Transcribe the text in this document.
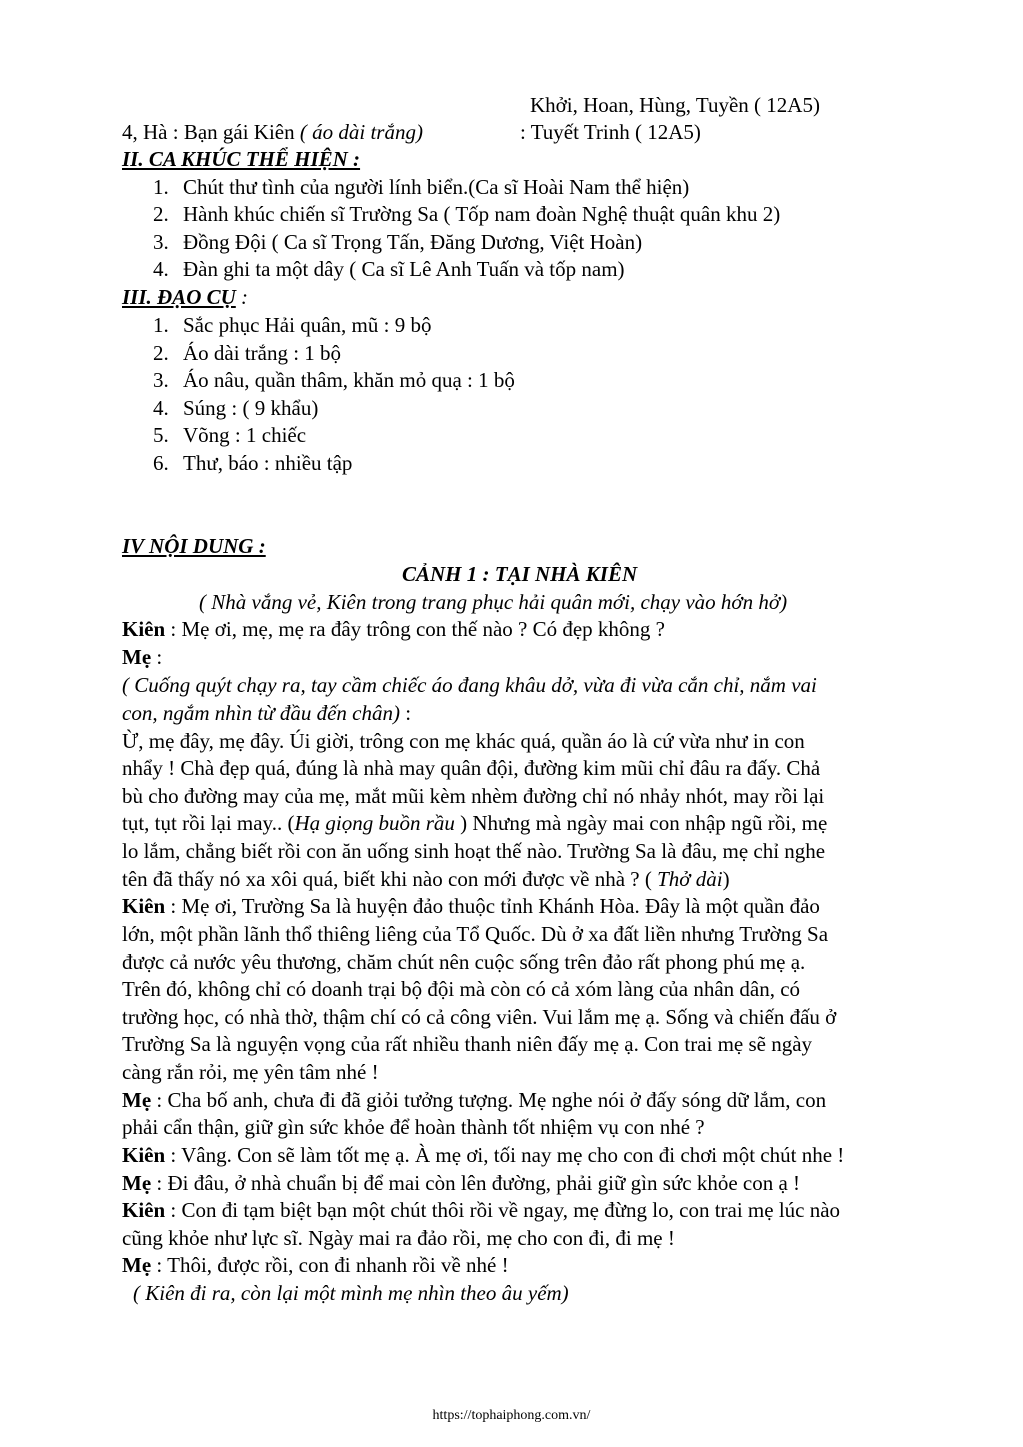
Khởi, Hoan, Hùng, Tuyền ( 12A5)
4, Hà : Bạn gái Kiên ( áo dài trắng)	: Tuyết Trinh ( 12A5)
II. CA KHÚC THỂ HIỆN :
1. Chút thư tình của người lính biển.(Ca sĩ Hoài Nam thể hiện)
2. Hành khúc chiến sĩ Trường Sa ( Tốp nam đoàn Nghệ thuật quân khu 2)
3. Đồng Đội ( Ca sĩ Trọng Tấn, Đăng Dương, Việt Hoàn)
4. Đàn ghi ta một dây ( Ca sĩ Lê Anh Tuấn và tốp nam)
III. ĐẠO CỤ :
1. Sắc phục Hải quân, mũ : 9 bộ
2. Áo dài trắng : 1 bộ
3. Áo nâu, quần thâm, khăn mỏ quạ : 1 bộ
4. Súng : ( 9 khẩu)
5. Võng : 1 chiếc
6. Thư, báo : nhiều tập
IV NỘI DUNG :
CẢNH 1 : TẠI NHÀ KIÊN
( Nhà vắng vẻ, Kiên trong trang phục hải quân mới, chạy vào hớn hở)
Kiên : Mẹ ơi, mẹ, mẹ ra đây trông con thế nào ? Có đẹp không ?
Mẹ :
( Cuống quýt chạy ra, tay cầm chiếc áo đang khâu dở, vừa đi vừa cắn chỉ, nắm vai
con, ngắm nhìn từ đầu đến chân) :
Ừ, mẹ đây, mẹ đây. Úi giời, trông con mẹ khác quá, quần áo là cứ vừa như in con
nhẩy ! Chà đẹp quá, đúng là nhà may quân đội, đường kim mũi chỉ đâu ra đấy. Chả
bù cho đường may của mẹ, mắt mũi kèm nhèm đường chỉ nó nhảy nhót, may rồi lại
tụt, tụt rồi lại may.. (Hạ giọng buồn rầu ) Nhưng mà ngày mai con nhập ngũ rồi, mẹ
lo lắm, chẳng biết rồi con ăn uống sinh hoạt thế nào. Trường Sa là đâu, mẹ chỉ nghe
tên đã thấy nó xa xôi quá, biết khi nào con mới được về nhà ? ( Thở dài)
Kiên : Mẹ ơi, Trường Sa là huyện đảo thuộc tỉnh Khánh Hòa. Đây là một quần đảo
lớn, một phần lãnh thổ thiêng liêng của Tổ Quốc. Dù ở xa đất liền nhưng Trường Sa
được cả nước yêu thương, chăm chút nên cuộc sống trên đảo rất phong phú mẹ ạ.
Trên đó, không chỉ có doanh trại bộ đội mà còn có cả xóm làng của nhân dân, có
trường học, có nhà thờ, thậm chí có cả công viên. Vui lắm mẹ ạ. Sống và chiến đấu ở
Trường Sa là nguyện vọng của rất nhiều thanh niên đấy mẹ ạ. Con trai mẹ sẽ ngày
càng rắn rỏi, mẹ yên tâm nhé !
Mẹ : Cha bố anh, chưa đi đã giỏi tưởng tượng. Mẹ nghe nói ở đấy sóng dữ lắm, con
phải cẩn thận, giữ gìn sức khỏe để hoàn thành tốt nhiệm vụ con nhé ?
Kiên : Vâng. Con sẽ làm tốt mẹ ạ. À mẹ ơi, tối nay mẹ cho con đi chơi một chút nhe !
Mẹ : Đi đâu, ở nhà chuẩn bị để mai còn lên đường, phải giữ gìn sức khỏe con ạ !
Kiên : Con đi tạm biệt bạn một chút thôi rồi về ngay, mẹ đừng lo, con trai mẹ lúc nào
cũng khỏe như lực sĩ. Ngày mai ra đảo rồi, mẹ cho con đi, đi mẹ !
Mẹ : Thôi, được rồi, con đi nhanh rồi về nhé !
( Kiên đi ra, còn lại một mình mẹ nhìn theo âu yếm)
https://tophaiphong.com.vn/
